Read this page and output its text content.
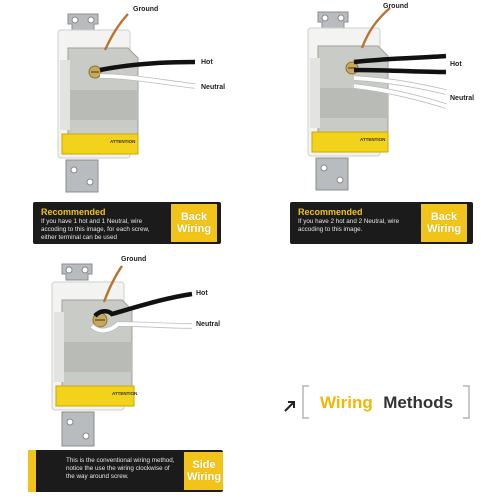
ATTENTION
Ground
Hot
Neutral
Recommended
If you have 1 hot and 1 Neutral, wire accoding to this image, for each screw, either terminal can be used
Back
Wiring
ATTENTION
Ground
Hot
Neutral
Recommended
If you have 2 hot and 2 Neutral, wire accoding to this image.
Back
Wiring
ATTENTION
Ground
Hot
Neutral
This is the conventional wiring method, notice the use the wiring clockwise of the way around screw.
Side
Wiring
Wiring Methods
